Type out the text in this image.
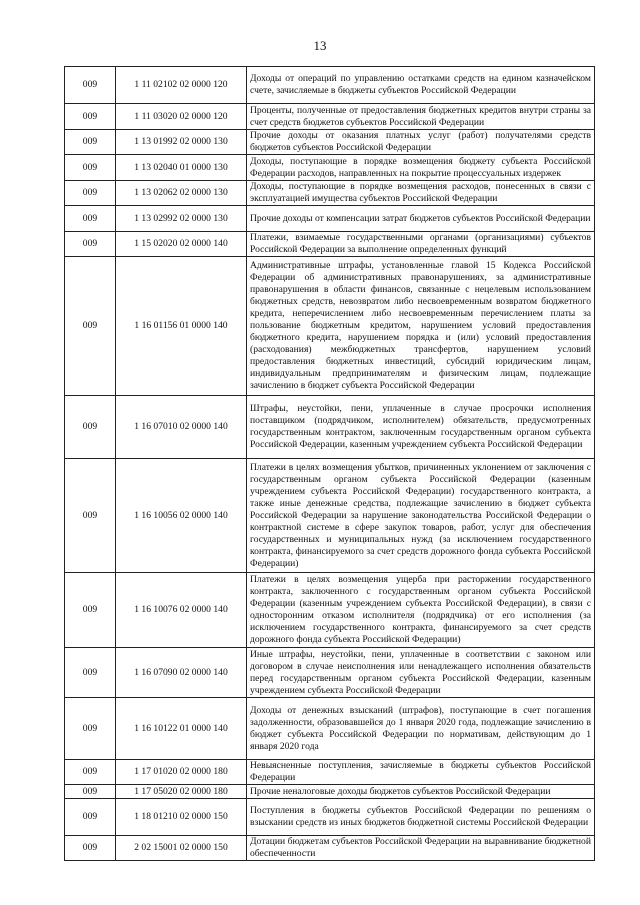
13
009	1 11 02102 02 0000 120	Доходы от операций по управлению остатками средств на едином казначейском счете, зачисляемые в бюджеты субъектов Российской Федерации
009	1 11 03020 02 0000 120	Проценты, полученные от предоставления бюджетных кредитов внутри страны за счет средств бюджетов субъектов Российской Федерации
009	1 13 01992 02 0000 130	Прочие доходы от оказания платных услуг (работ) получателями средств бюджетов субъектов Российской Федерации
009	1 13 02040 01 0000 130	Доходы, поступающие в порядке возмещения бюджету субъекта Российской Федерации расходов, направленных на покрытие процессуальных издержек
009	1 13 02062 02 0000 130	Доходы, поступающие в порядке возмещения расходов, понесенных в связи с эксплуатацией имущества субъектов Российской Федерации
009	1 13 02992 02 0000 130	Прочие доходы от компенсации затрат бюджетов субъектов Российской Федерации
009	1 15 02020 02 0000 140	Платежи, взимаемые государственными органами (организациями) субъектов Российской Федерации за выполнение определенных функций
009	1 16 01156 01 0000 140	Административные штрафы, установленные главой 15 Кодекса Российской Федерации об административных правонарушениях, за административные правонарушения в области финансов, связанные с нецелевым использованием бюджетных средств, невозвратом либо несвоевременным возвратом бюджетного кредита, неперечислением либо несвоевременным перечислением платы за пользование бюджетным кредитом, нарушением условий предоставления бюджетного кредита, нарушением порядка и (или) условий предоставления (расходования) межбюджетных трансфертов, нарушением условий предоставления бюджетных инвестиций, субсидий юридическим лицам, индивидуальным предпринимателям и физическим лицам, подлежащие зачислению в бюджет субъекта Российской Федерации
009	1 16 07010 02 0000 140	Штрафы, неустойки, пени, уплаченные в случае просрочки исполнения поставщиком (подрядчиком, исполнителем) обязательств, предусмотренных государственным контрактом, заключенным государственным органом субъекта Российской Федерации, казенным учреждением субъекта Российской Федерации
009	1 16 10056 02 0000 140	Платежи в целях возмещения убытков, причиненных уклонением от заключения с государственным органом субъекта Российской Федерации (казенным учреждением субъекта Российской Федерации) государственного контракта, а также иные денежные средства, подлежащие зачислению в бюджет субъекта Российской Федерации за нарушение законодательства Российской Федерации о контрактной системе в сфере закупок товаров, работ, услуг для обеспечения государственных и муниципальных нужд (за исключением государственного контракта, финансируемого за счет средств дорожного фонда субъекта Российской Федерации)
009	1 16 10076 02 0000 140	Платежи в целях возмещения ущерба при расторжении государственного контракта, заключенного с государственным органом субъекта Российской Федерации (казенным учреждением субъекта Российской Федерации), в связи с односторонним отказом исполнителя (подрядчика) от его исполнения (за исключением государственного контракта, финансируемого за счет средств дорожного фонда субъекта Российской Федерации)
009	1 16 07090 02 0000 140	Иные штрафы, неустойки, пени, уплаченные в соответствии с законом или договором в случае неисполнения или ненадлежащего исполнения обязательств перед государственным органом субъекта Российской Федерации, казенным учреждением субъекта Российской Федерации
009	1 16 10122 01 0000 140	Доходы от денежных взысканий (штрафов), поступающие в счет погашения задолженности, образовавшейся до 1 января 2020 года, подлежащие зачислению в бюджет субъекта Российской Федерации по нормативам, действующим до 1 января 2020 года
009	1 17 01020 02 0000 180	Невыясненные поступления, зачисляемые в бюджеты субъектов Российской Федерации
009	1 17 05020 02 0000 180	Прочие неналоговые доходы бюджетов субъектов Российской Федерации
009	1 18 01210 02 0000 150	Поступления в бюджеты субъектов Российской Федерации по решениям о взыскании средств из иных бюджетов бюджетной системы Российской Федерации
009	2 02 15001 02 0000 150	Дотации бюджетам субъектов Российской Федерации на выравнивание бюджетной обеспеченности
